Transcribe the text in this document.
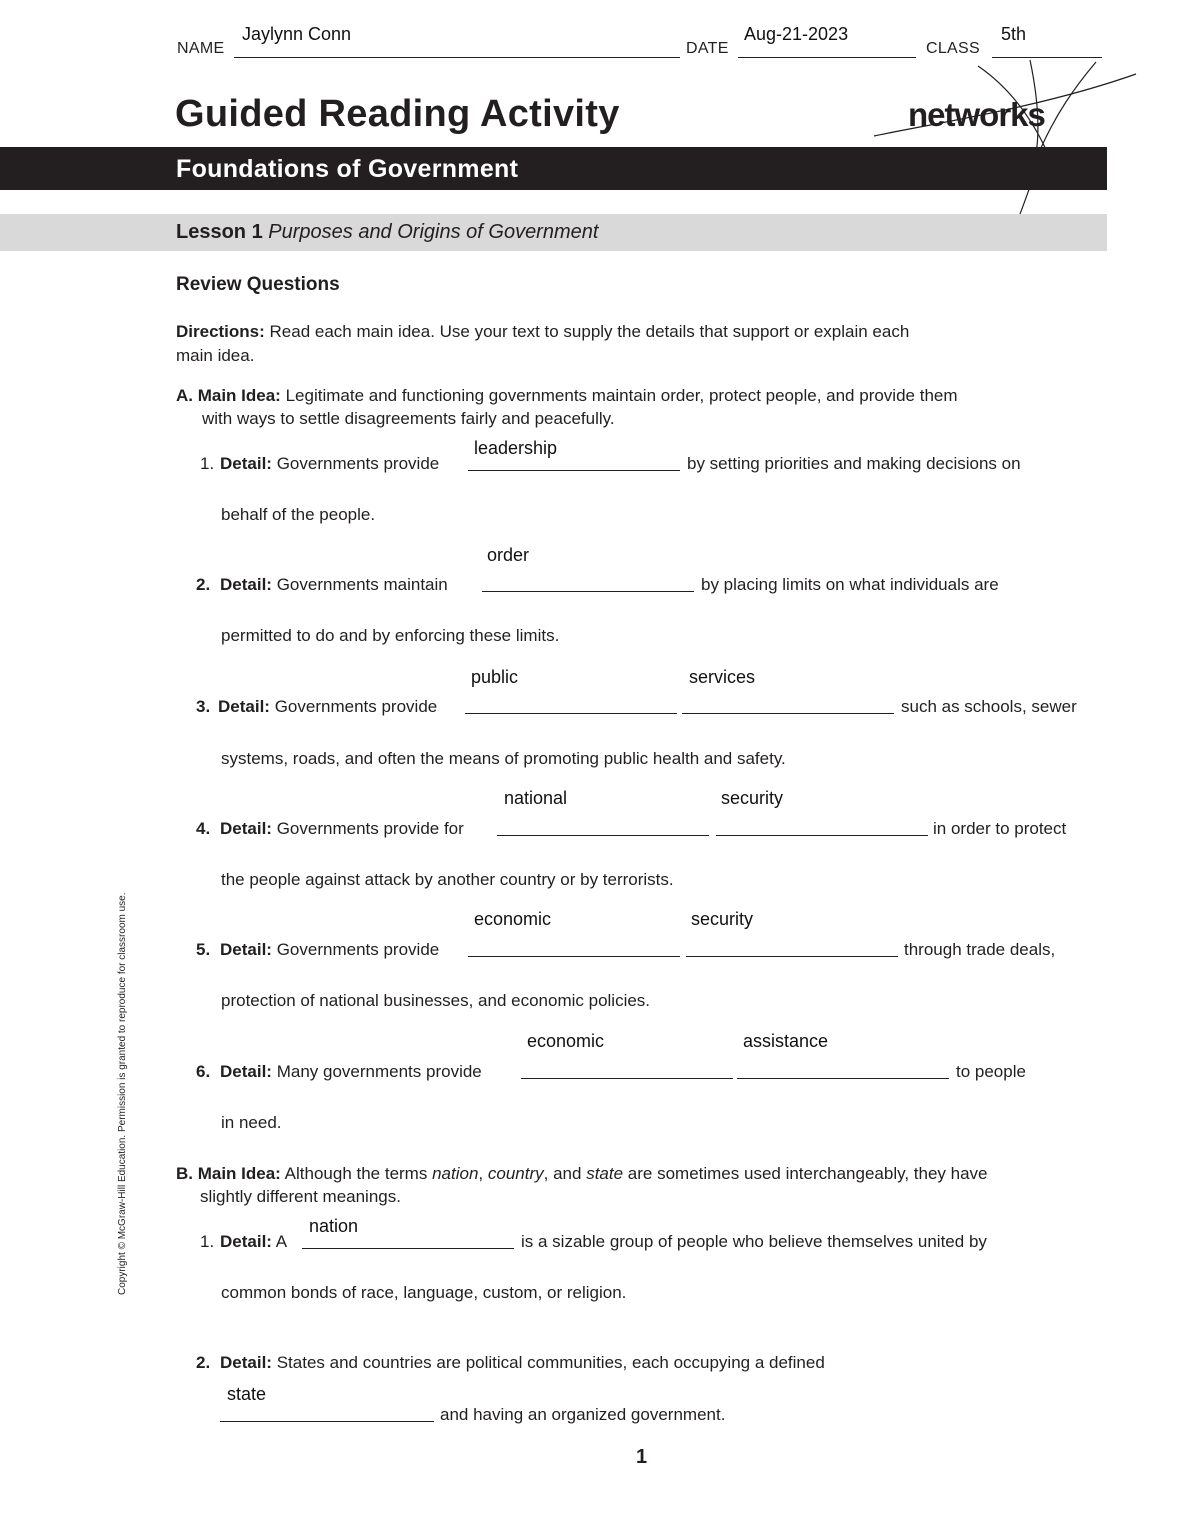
NAME
Jaylynn Conn
DATE
Aug-21-2023
CLASS
5th
Guided Reading Activity	networks
Foundations of Government
Lesson 1 Purposes and Origins of Government
Review Questions
Directions: Read each main idea. Use your text to supply the details that support or explain each
main idea.
A. Main Idea: Legitimate and functioning governments maintain order, protect people, and provide them
with ways to settle disagreements fairly and peacefully.
leadership
1. Detail: Governments provide	by setting priorities and making decisions on
behalf of the people.
order
2. Detail: Governments maintain	by placing limits on what individuals are
permitted to do and by enforcing these limits.
public	services
3. Detail: Governments provide	such as schools, sewer
systems, roads, and often the means of promoting public health and safety.
national	security
4. Detail: Governments provide for	in order to protect
the people against attack by another country or by terrorists.
economic	security
5. Detail: Governments provide	through trade deals,
protection of national businesses, and economic policies.
economic	assistance
6. Detail: Many governments provide	to people
in need.
B. Main Idea: Although the terms nation, country, and state are sometimes used interchangeably, they have
slightly different meanings.
nation
1. Detail: A	is a sizable group of people who believe themselves united by
common bonds of race, language, custom, or religion.
2. Detail: States and countries are political communities, each occupying a defined
state
and having an organized government.
1
Copyright © McGraw-Hill Education. Permission is granted to reproduce for classroom use.
